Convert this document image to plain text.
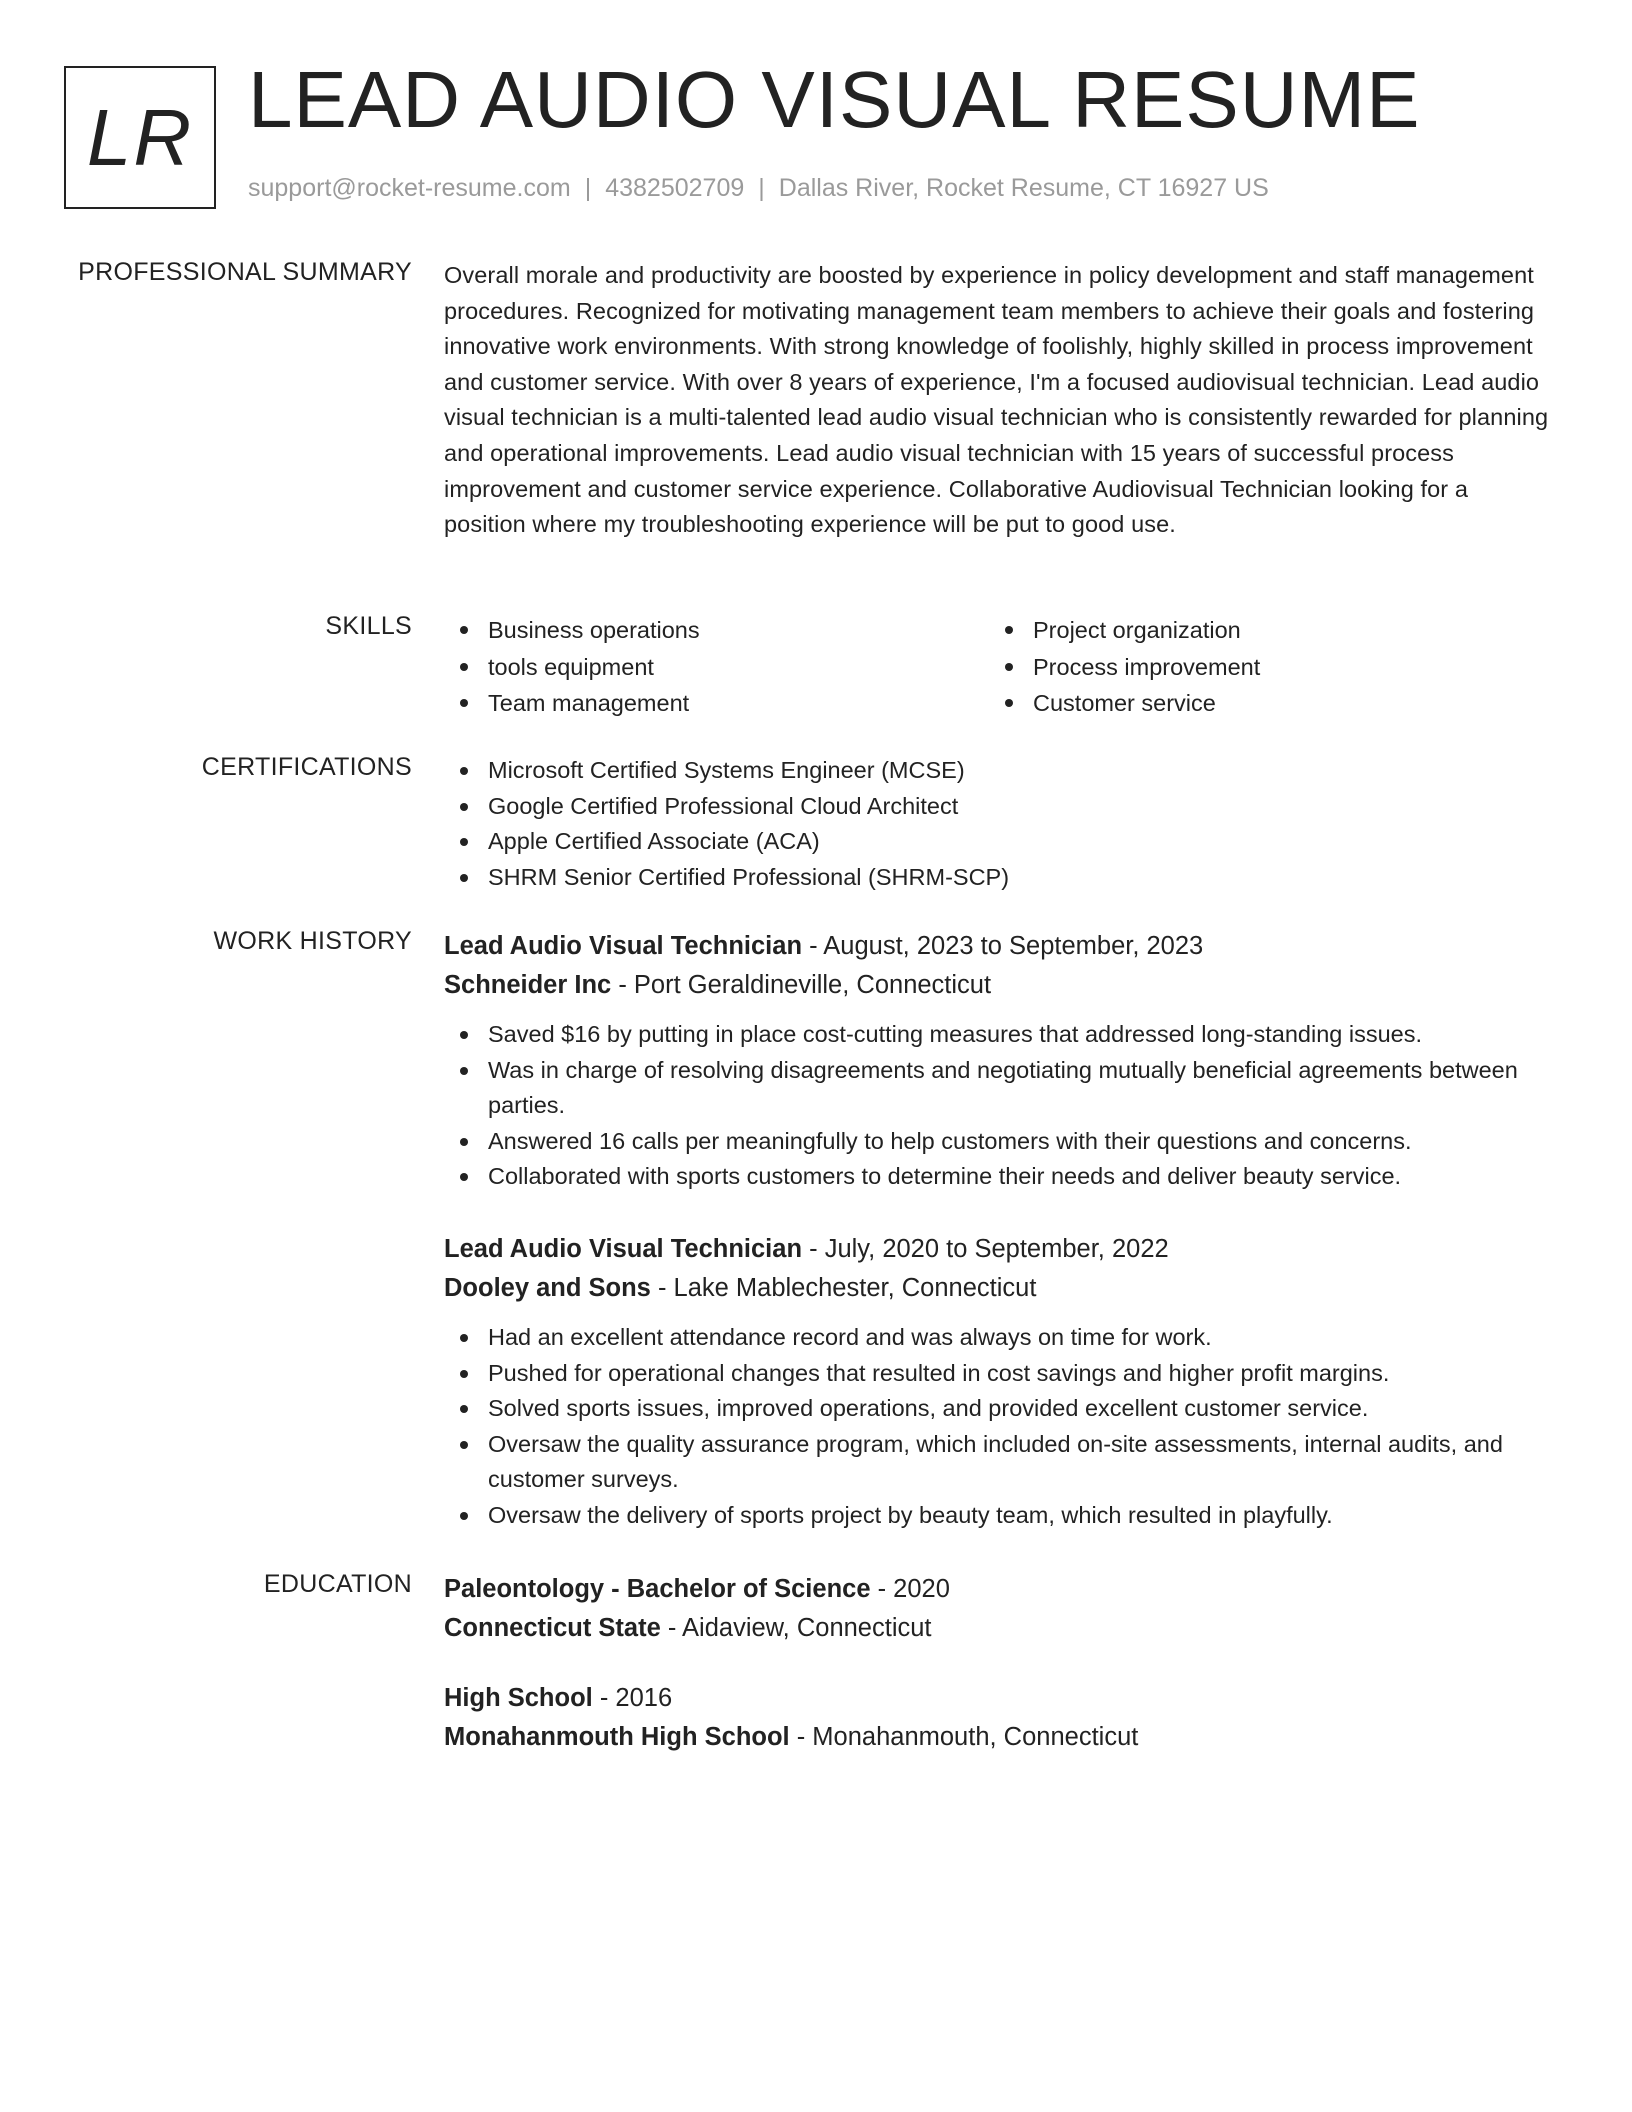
LR LEAD AUDIO VISUAL RESUME
support@rocket-resume.com | 4382502709 | Dallas River, Rocket Resume, CT 16927 US
PROFESSIONAL SUMMARY Overall morale and productivity are boosted by experience in policy development and staff management procedures. Recognized for motivating management team members to achieve their goals and fostering innovative work environments. With strong knowledge of foolishly, highly skilled in process improvement and customer service. With over 8 years of experience, I'm a focused audiovisual technician. Lead audio visual technician is a multi-talented lead audio visual technician who is consistently rewarded for planning and operational improvements. Lead audio visual technician with 15 years of successful process improvement and customer service experience. Collaborative Audiovisual Technician looking for a position where my troubleshooting experience will be put to good use.
SKILLS	Business operations
tools equipment
Team management
Project organization
Process improvement
Customer service
CERTIFICATIONS	Microsoft Certified Systems Engineer (MCSE)
Google Certified Professional Cloud Architect
Apple Certified Associate (ACA)
SHRM Senior Certified Professional (SHRM-SCP)
WORK HISTORY Lead Audio Visual Technician - August, 2023 to September, 2023
Schneider Inc - Port Geraldineville, Connecticut
Saved $16 by putting in place cost-cutting measures that addressed long-standing issues.
Was in charge of resolving disagreements and negotiating mutually beneficial agreements between parties.
Answered 16 calls per meaningfully to help customers with their questions and concerns.
Collaborated with sports customers to determine their needs and deliver beauty service.
Lead Audio Visual Technician - July, 2020 to September, 2022
Dooley and Sons - Lake Mablechester, Connecticut
Had an excellent attendance record and was always on time for work.
Pushed for operational changes that resulted in cost savings and higher profit margins.
Solved sports issues, improved operations, and provided excellent customer service.
Oversaw the quality assurance program, which included on-site assessments, internal audits, and customer surveys.
Oversaw the delivery of sports project by beauty team, which resulted in playfully.
EDUCATION Paleontology - Bachelor of Science - 2020
Connecticut State - Aidaview, Connecticut
High School - 2016
Monahanmouth High School - Monahanmouth, Connecticut
